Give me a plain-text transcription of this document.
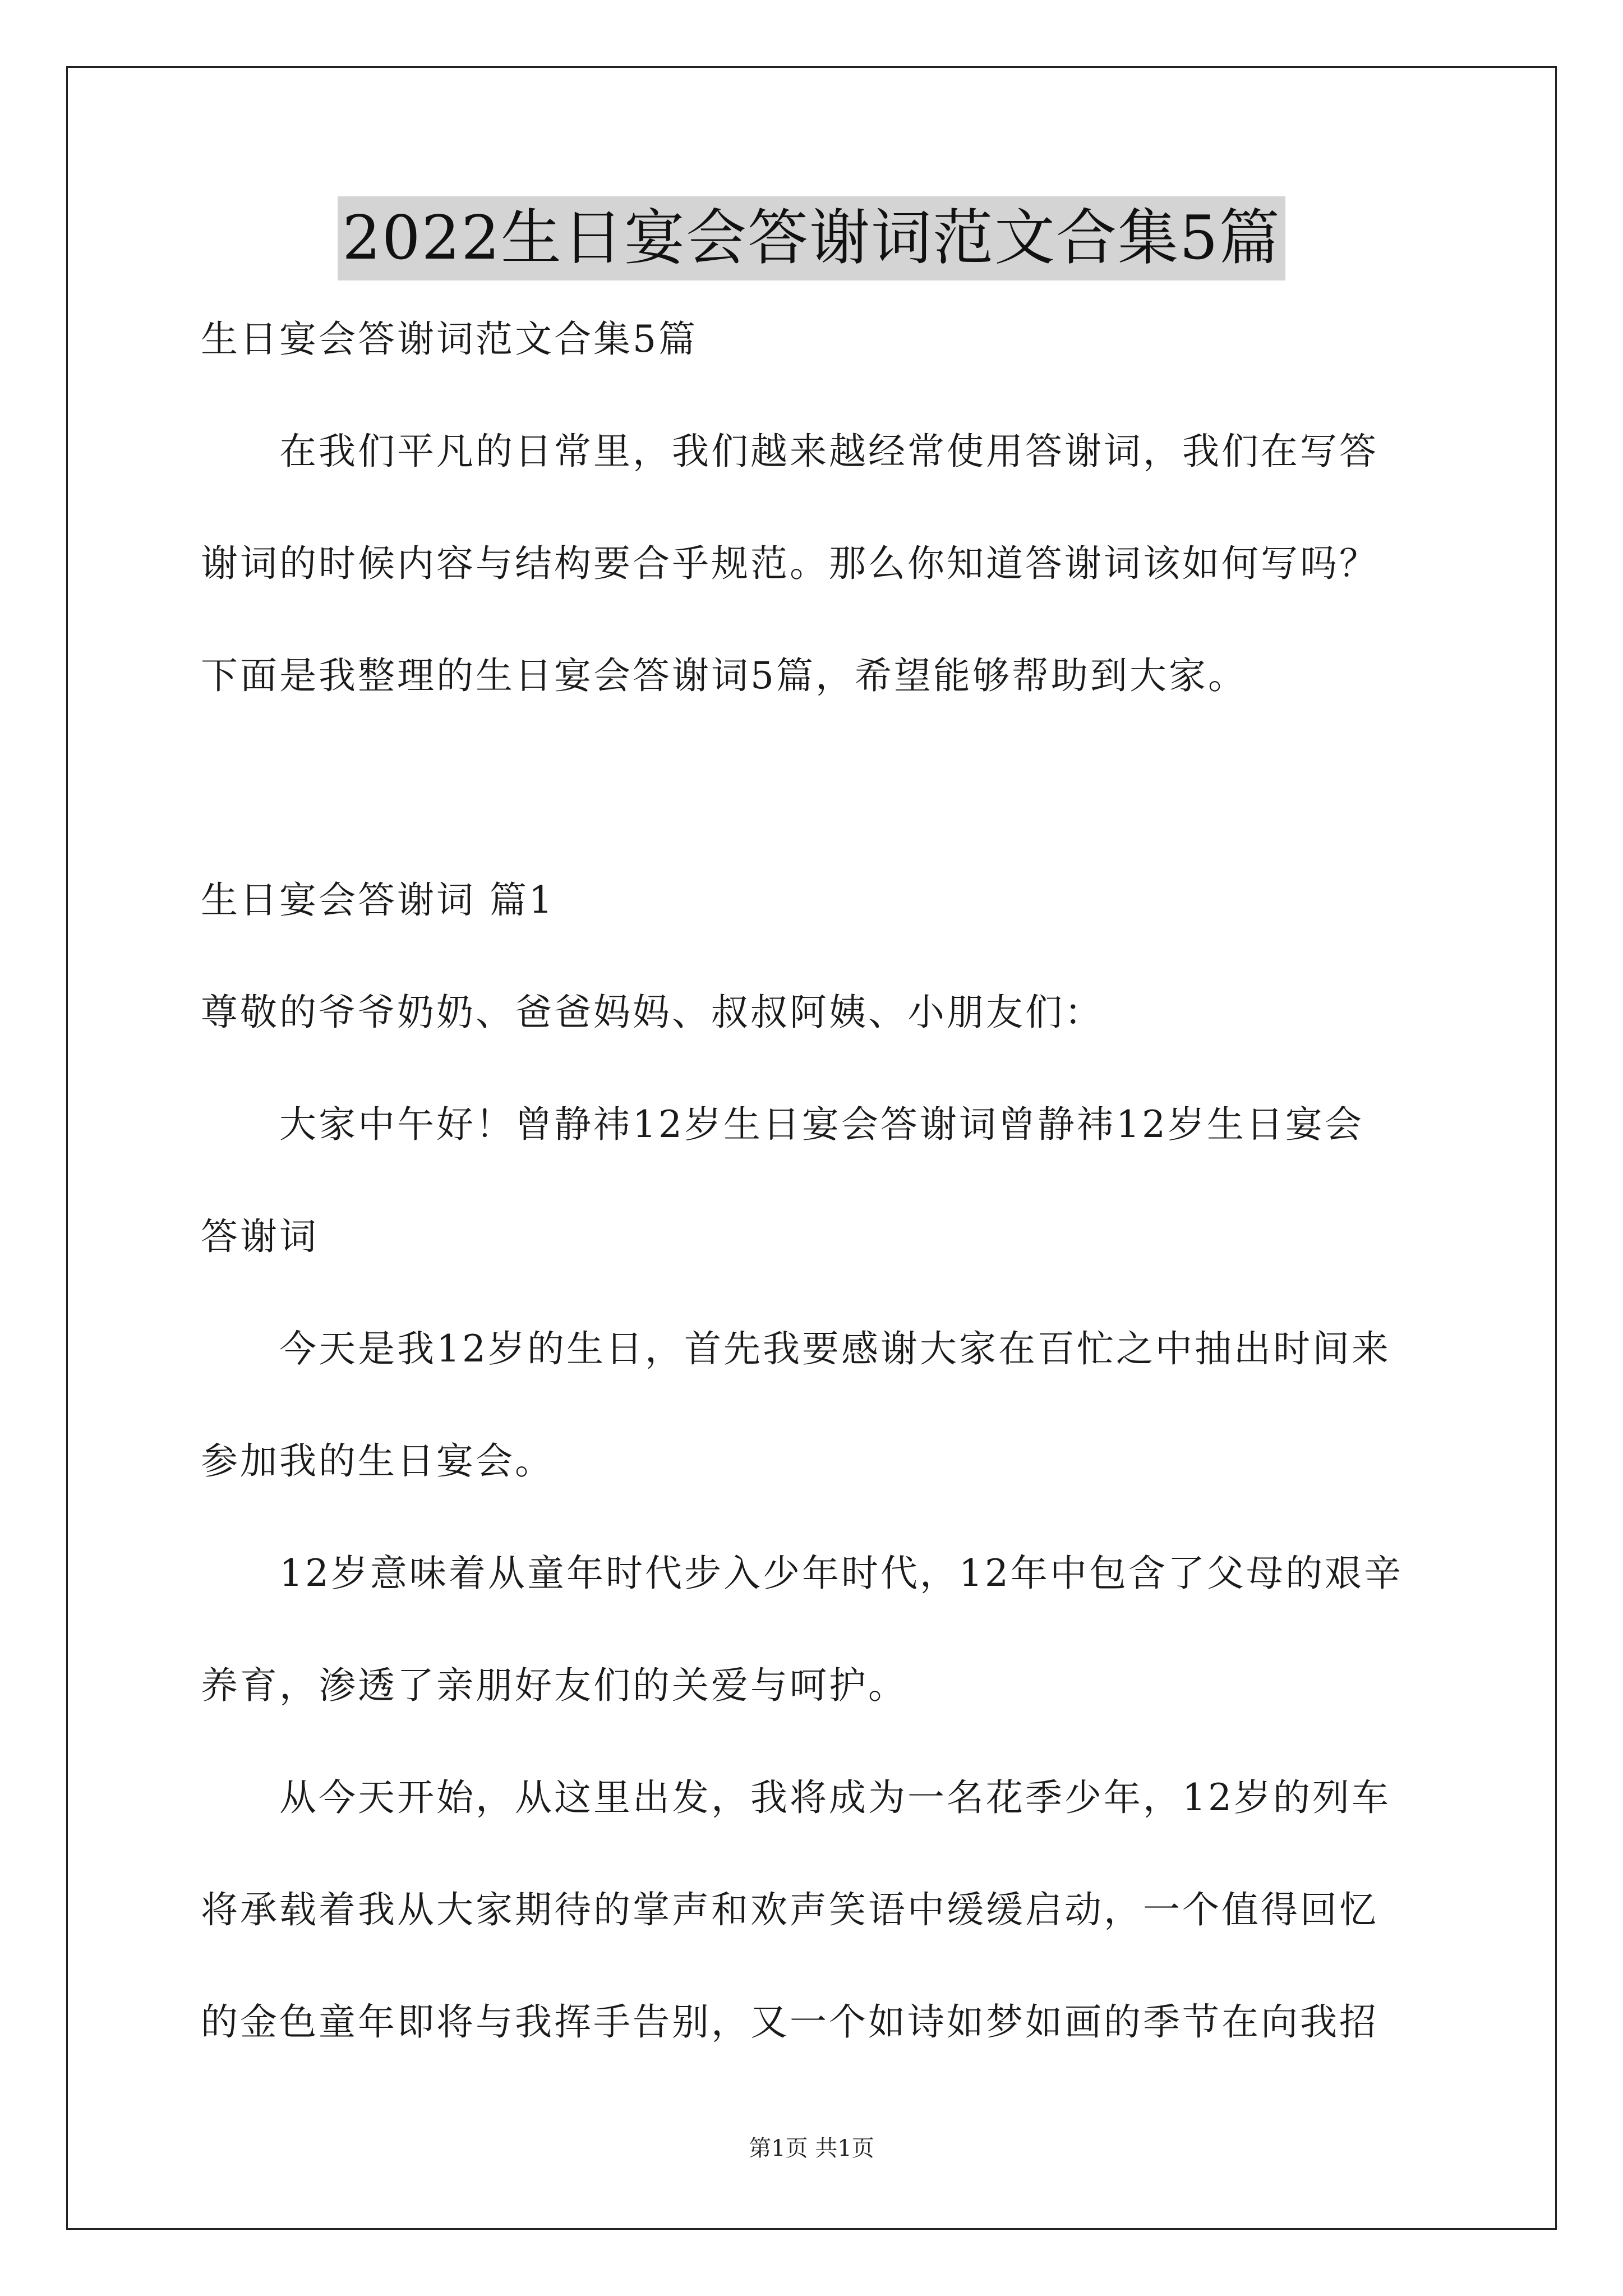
2022生日宴会答谢词范文合集5篇
生日宴会答谢词范文合集5篇
在我们平凡的日常里，我们越来越经常使用答谢词，我们在写答
谢词的时候内容与结构要合乎规范。那么你知道答谢词该如何写吗？
下面是我整理的生日宴会答谢词5篇，希望能够帮助到大家。
生日宴会答谢词 篇1
尊敬的爷爷奶奶、爸爸妈妈、叔叔阿姨、小朋友们：
大家中午好！曾静祎12岁生日宴会答谢词曾静祎12岁生日宴会
答谢词
今天是我12岁的生日，首先我要感谢大家在百忙之中抽出时间来
参加我的生日宴会。
12岁意味着从童年时代步入少年时代，12年中包含了父母的艰辛
养育，渗透了亲朋好友们的关爱与呵护。
从今天开始，从这里出发，我将成为一名花季少年，12岁的列车
将承载着我从大家期待的掌声和欢声笑语中缓缓启动，一个值得回忆
的金色童年即将与我挥手告别，又一个如诗如梦如画的季节在向我招
第1页 共1页
